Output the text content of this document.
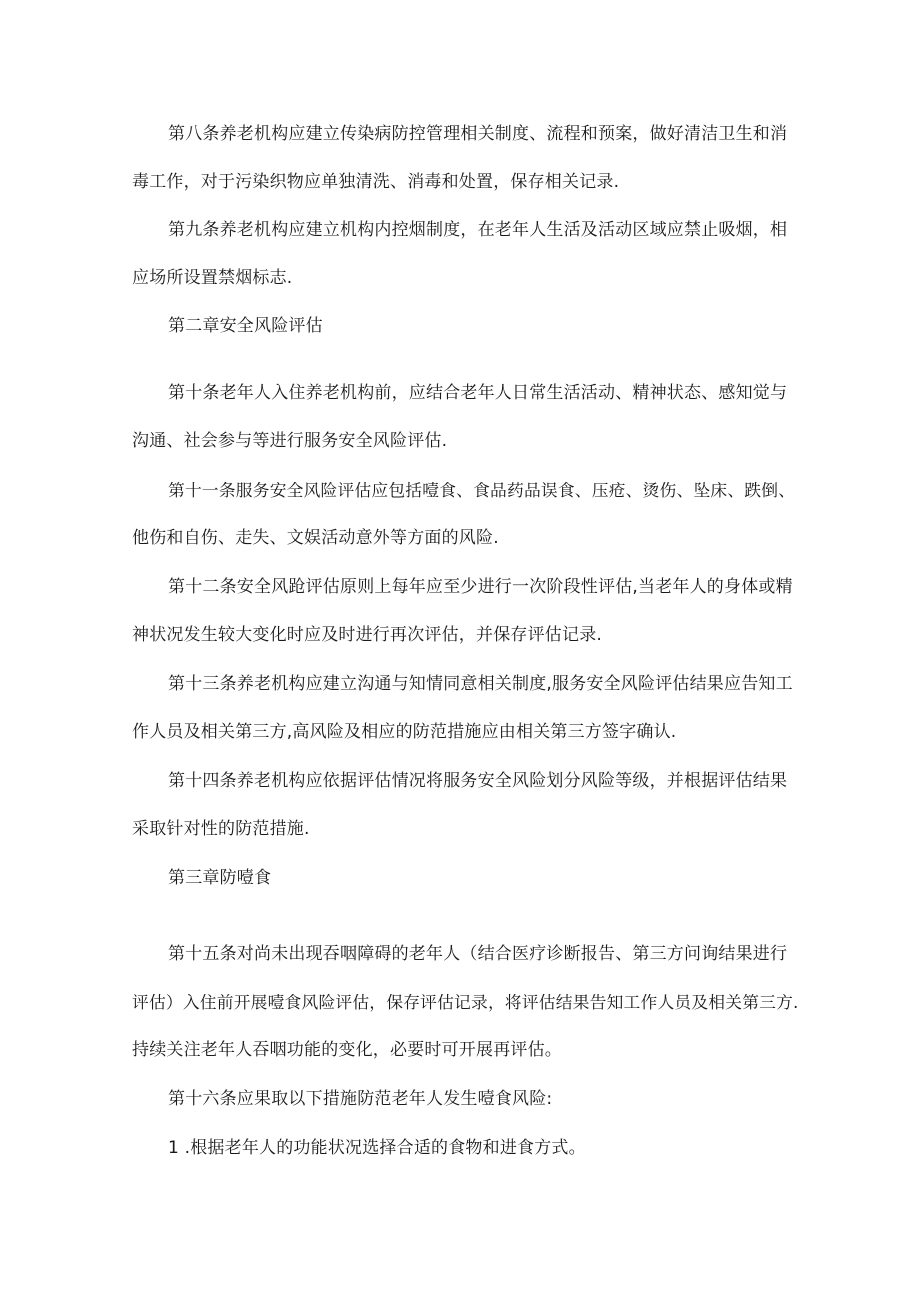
第八条养老机构应建立传染病防控管理相关制度、流程和预案，做好清洁卫生和消
毒工作，对于污染织物应单独清洗、消毒和处置，保存相关记录.
第九条养老机构应建立机构内控烟制度，在老年人生活及活动区域应禁止吸烟，相
应场所设置禁烟标志.
第二章安全风险评估
第十条老年人入住养老机构前，应结合老年人日常生活活动、精神状态、感知觉与
沟通、社会参与等进行服务安全风险评估.
第十一条服务安全风险评估应包括噎食、食品药品误食、压疮、烫伤、坠床、跌倒、
他伤和自伤、走失、文娱活动意外等方面的风险.
第十二条安全风跄评估原则上每年应至少进行一次阶段性评估,当老年人的身体或精
神状况发生较大变化时应及时进行再次评估，并保存评估记录.
第十三条养老机构应建立沟通与知情同意相关制度,服务安全风险评估结果应告知工
作人员及相关第三方,高风险及相应的防范措施应由相关第三方签字确认.
第十四条养老机构应依据评估情况将服务安全风险划分风险等级，并根据评估结果
采取针对性的防范措施.
第三章防噎食
第十五条对尚未出现吞咽障碍的老年人（结合医疗诊断报告、第三方问询结果进行
评估）入住前开展噎食风险评估，保存评估记录，将评估结果告知工作人员及相关第三方.
持续关注老年人吞咽功能的变化，必要时可开展再评估。
第十六条应果取以下措施防范老年人发生噎食风险:
1 .根据老年人的功能状况选择合适的食物和进食方式。
